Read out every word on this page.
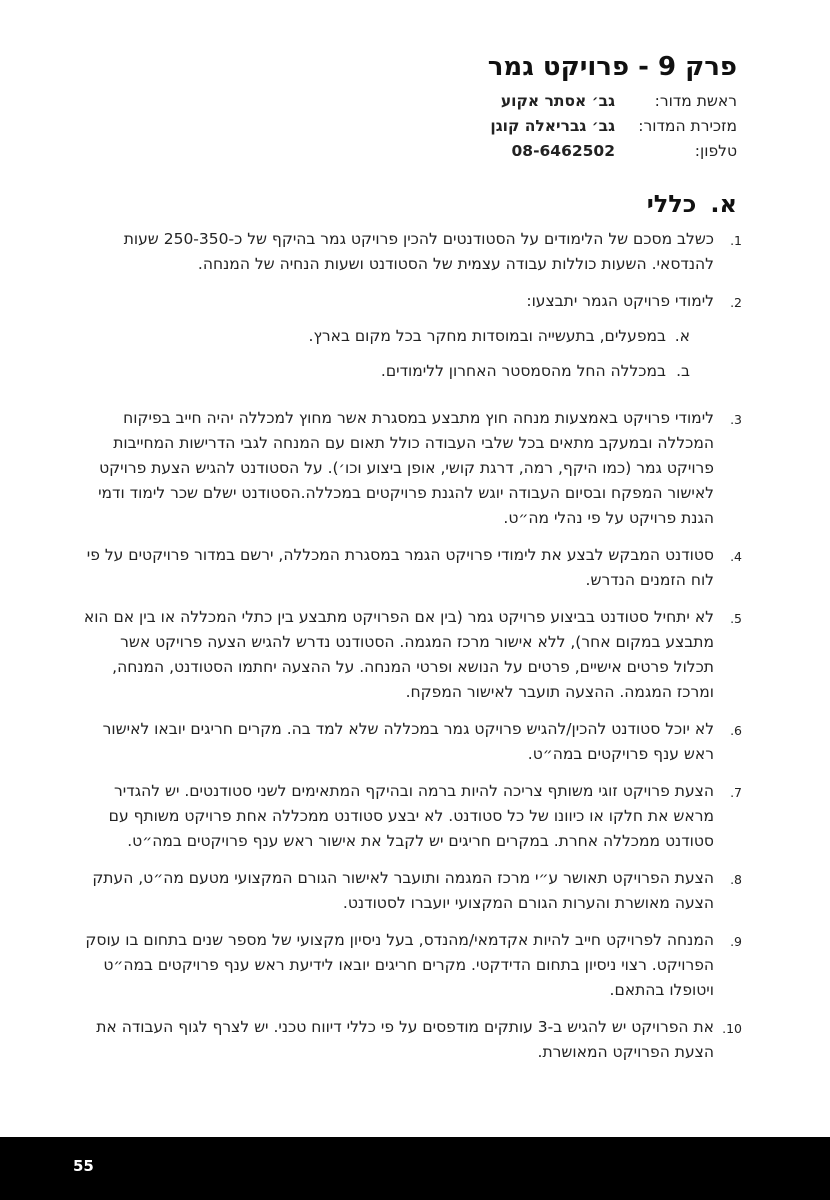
פרק 9 - פרויקט גמר
ראשת מדור:
גב׳ אסתר אקוע
מזכירת המדור:
גב׳ גבריאלה קוגן
טלפון:
08-6462502
א.כללי
1.
כשלב מסכם של הלימודים על הסטודנטים להכין פרויקט גמר בהיקף של כ-250-350 שעות להנדסאי. השעות כוללות עבודה עצמית של הסטודנט ושעות הנחיה של המנחה.
2.
לימודי פרויקט הגמר יתבצעו:
א.
במפעלים, בתעשייה ובמוסדות מחקר בכל מקום בארץ.
ב.
במכללה החל מהסמסטר האחרון ללימודים.
3.
לימודי פרויקט באמצעות מנחה חוץ מתבצע במסגרת אשר מחוץ למכללה יהיה חייב בפיקוח המכללה ובמעקב מתאים בכל שלבי העבודה כולל תאום עם המנחה לגבי הדרישות המחייבות פרויקט גמר (כמו היקף, רמה, דרגת קושי, אופן ביצוע וכו׳). על הסטודנט להגיש הצעת פרויקט לאישור המפקח ובסיום העבודה יוגש להגנת פרויקטים במכללה.הסטודנט ישלם שכר לימוד ודמי הגנת פרויקט על פי נהלי מה״ט.
4.
סטודנט המבקש לבצע את לימודי פרויקט הגמר במסגרת המכללה, ירשם במדור פרויקטים על פי לוח הזמנים הנדרש.
5.
לא יתחיל סטודנט בביצוע פרויקט גמר (בין אם הפרויקט מתבצע בין כתלי המכללה או בין אם הוא מתבצע במקום אחר), ללא אישור מרכז המגמה. הסטודנט נדרש להגיש הצעה פרויקט אשר תכלול פרטים אישיים, פרטים על הנושא ופרטי המנחה. על ההצעה יחתמו הסטודנט, המנחה, ומרכז המגמה. ההצעה תועבר לאישור המפקח.
6.
לא יוכל סטודנט להכין/להגיש פרויקט גמר במכללה שלא למד בה. מקרים חריגים יובאו לאישור ראש ענף פרויקטים במה״ט.
7.
הצעת פרויקט זוגי משותף צריכה להיות ברמה ובהיקף המתאימים לשני סטודנטים. יש להגדיר מראש את חלקו או כיוונו של כל סטודנט. לא יבצע סטודנט ממכללה אחת פרויקט משותף עם סטודנט ממכללה אחרת. במקרים חריגים יש לקבל את אישור ראש ענף פרויקטים במה״ט.
8.
הצעת הפרויקט תאושר ע״י מרכז המגמה ותועבר לאישור הגורם המקצועי מטעם מה״ט, העתק הצעה מאושרת והערות הגורם המקצועי יועברו לסטודנט.
9.
המנחה לפרויקט חייב להיות אקדמאי/מהנדס, בעל ניסיון מקצועי של מספר שנים בתחום בו עוסק הפרויקט. רצוי ניסיון בתחום הדידקטי. מקרים חריגים יובאו לידיעת ראש ענף פרויקטים במה״ט ויטופלו בהתאם.
10.
את הפרויקט יש להגיש ב-3 עותקים מודפסים על פי כללי דיווח טכני. יש לצרף לגוף העבודה את הצעת הפרויקט המאושרת.
55
